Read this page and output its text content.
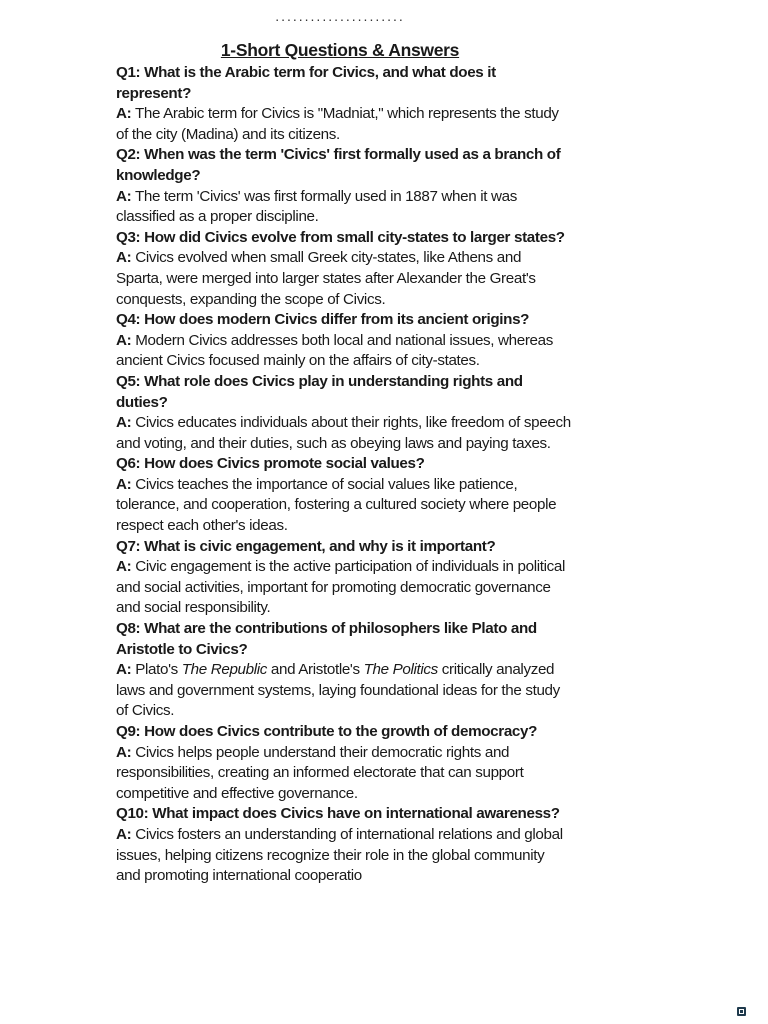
......................
1-Short Questions & Answers

Q1: What is the Arabic term for Civics, and what does it represent?

A: The Arabic term for Civics is "Madniat," which represents the study of the city (Madina) and its citizens.

Q2: When was the term 'Civics' first formally used as a branch of knowledge?

A: The term 'Civics' was first formally used in 1887 when it was classified as a proper discipline.

Q3: How did Civics evolve from small city-states to larger states?

A: Civics evolved when small Greek city-states, like Athens and Sparta, were merged into larger states after Alexander the Great's conquests, expanding the scope of Civics.

Q4: How does modern Civics differ from its ancient origins?

A: Modern Civics addresses both local and national issues, whereas ancient Civics focused mainly on the affairs of city-states.

Q5: What role does Civics play in understanding rights and duties?

A: Civics educates individuals about their rights, like freedom of speech and voting, and their duties, such as obeying laws and paying taxes.

Q6: How does Civics promote social values?

A: Civics teaches the importance of social values like patience, tolerance, and cooperation, fostering a cultured society where people respect each other's ideas.

Q7: What is civic engagement, and why is it important?

A: Civic engagement is the active participation of individuals in political and social activities, important for promoting democratic governance and social responsibility.

Q8: What are the contributions of philosophers like Plato and Aristotle to Civics?

A: Plato's The Republic and Aristotle's The Politics critically analyzed laws and government systems, laying foundational ideas for the study of Civics.

Q9: How does Civics contribute to the growth of democracy?

A: Civics helps people understand their democratic rights and responsibilities, creating an informed electorate that can support competitive and effective governance.

Q10: What impact does Civics have on international awareness?

A: Civics fosters an understanding of international relations and global issues, helping citizens recognize their role in the global community and promoting international cooperatio
